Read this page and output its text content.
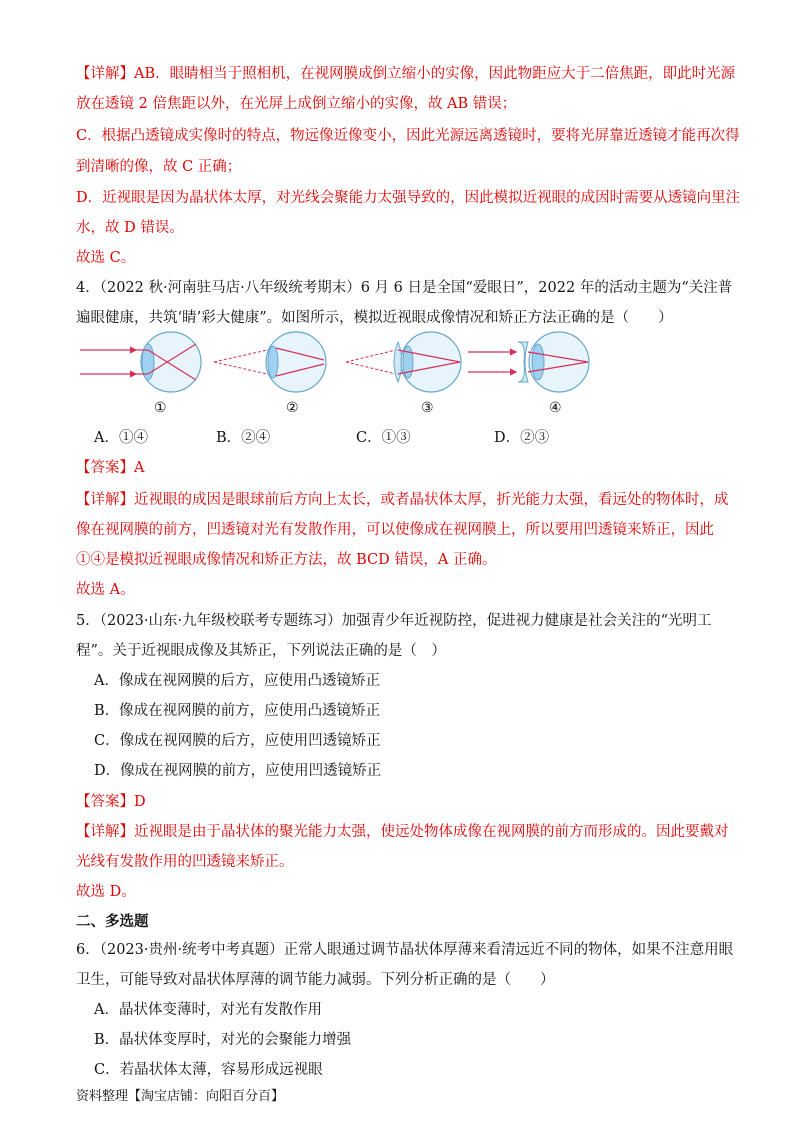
【详解】AB．眼睛相当于照相机，在视网膜成倒立缩小的实像，因此物距应大于二倍焦距，即此时光源
放在透镜 2 倍焦距以外，在光屏上成倒立缩小的实像，故 AB 错误；
C．根据凸透镜成实像时的特点，物远像近像变小，因此光源远离透镜时，要将光屏靠近透镜才能再次得
到清晰的像，故 C 正确；
D．近视眼是因为晶状体太厚，对光线会聚能力太强导致的，因此模拟近视眼的成因时需要从透镜向里注
水，故 D 错误。
故选 C。
4．（2022 秋·河南驻马店·八年级统考期末）6 月 6 日是全国“爱眼日”，2022 年的活动主题为“关注普
遍眼健康，共筑‘睛’彩大健康”。如图所示，模拟近视眼成像情况和矫正方法正确的是（　　）
①	②	③	④
A．①④	B．②④	C．①③	D．②③
【答案】A
【详解】近视眼的成因是眼球前后方向上太长，或者晶状体太厚，折光能力太强，看远处的物体时，成
像在视网膜的前方，凹透镜对光有发散作用，可以使像成在视网膜上，所以要用凹透镜来矫正，因此
①④是模拟近视眼成像情况和矫正方法，故 BCD 错误，A 正确。
故选 A。
5．（2023·山东·九年级校联考专题练习）加强青少年近视防控，促进视力健康是社会关注的“光明工
程”。关于近视眼成像及其矫正，下列说法正确的是（　）
A．像成在视网膜的后方，应使用凸透镜矫正
B．像成在视网膜的前方，应使用凸透镜矫正
C．像成在视网膜的后方，应使用凹透镜矫正
D．像成在视网膜的前方，应使用凹透镜矫正
【答案】D
【详解】近视眼是由于晶状体的聚光能力太强，使远处物体成像在视网膜的前方而形成的。因此要戴对
光线有发散作用的凹透镜来矫正。
故选 D。
二、多选题
6．（2023·贵州·统考中考真题）正常人眼通过调节晶状体厚薄来看清远近不同的物体，如果不注意用眼
卫生，可能导致对晶状体厚薄的调节能力减弱。下列分析正确的是（　　）
A．晶状体变薄时，对光有发散作用
B．晶状体变厚时，对光的会聚能力增强
C．若晶状体太薄，容易形成远视眼
资料整理【淘宝店铺：向阳百分百】
